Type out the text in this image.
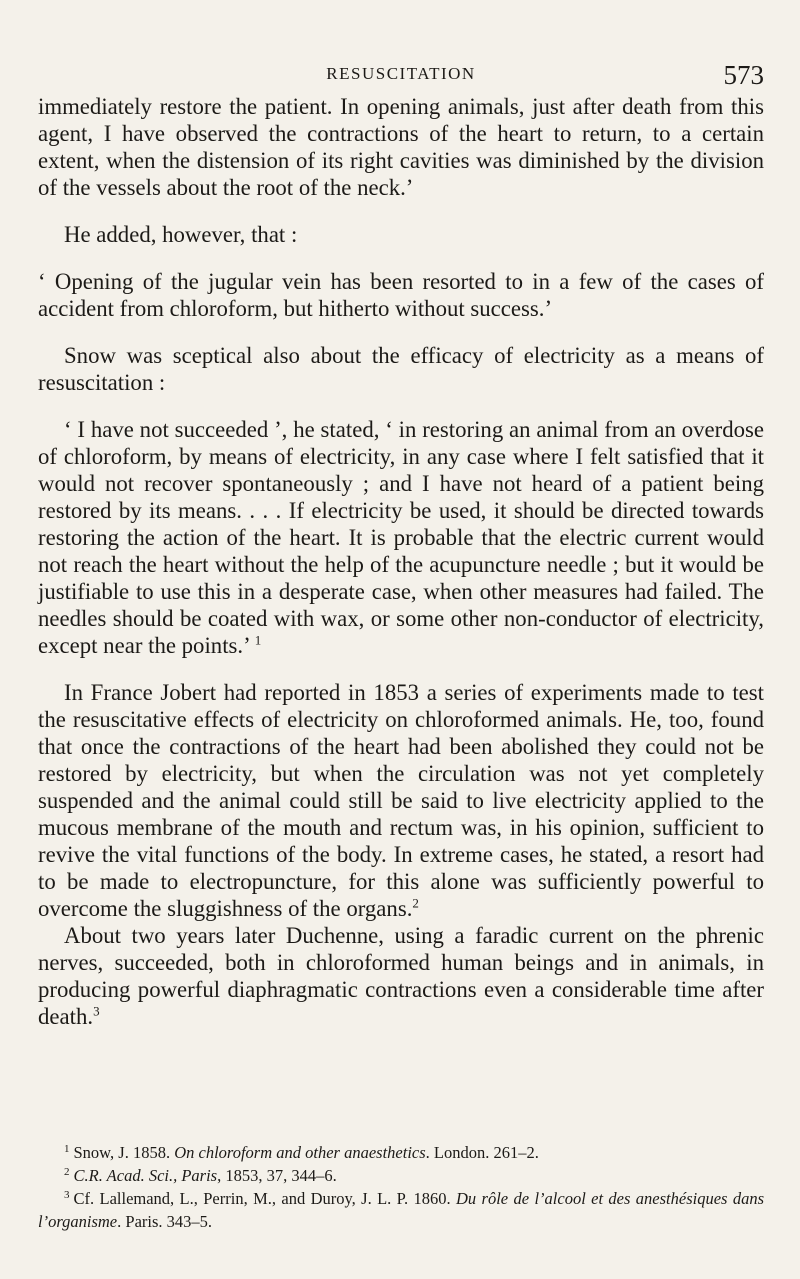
RESUSCITATION	573

immediately restore the patient. In opening animals, just after death from this agent, I have observed the contractions of the heart to return, to a certain extent, when the distension of its right cavities was diminished by the division of the vessels about the root of the neck.’

He added, however, that :

‘ Opening of the jugular vein has been resorted to in a few of the cases of accident from chloroform, but hitherto without success.’

Snow was sceptical also about the efficacy of electricity as a means of resuscitation :

‘ I have not succeeded ’, he stated, ‘ in restoring an animal from an overdose of chloroform, by means of electricity, in any case where I felt satisfied that it would not recover spontaneously ; and I have not heard of a patient being restored by its means. . . . If electricity be used, it should be directed towards restoring the action of the heart. It is probable that the electric current would not reach the heart without the help of the acupuncture needle ; but it would be justifiable to use this in a desperate case, when other measures had failed. The needles should be coated with wax, or some other non-conductor of electricity, except near the points.’ $^1$

In France Jobert had reported in 1853 a series of experiments made to test the resuscitative effects of electricity on chloroformed animals. He, too, found that once the contractions of the heart had been abolished they could not be restored by electricity, but when the circulation was not yet completely suspended and the animal could still be said to live electricity applied to the mucous membrane of the mouth and rectum was, in his opinion, sufficient to revive the vital functions of the body. In extreme cases, he stated, a resort had to be made to electropuncture, for this alone was sufficiently powerful to overcome the sluggishness of the organs.$^2$

About two years later Duchenne, using a faradic current on the phrenic nerves, succeeded, both in chloroformed human beings and in animals, in producing powerful diaphragmatic contractions even a considerable time after death.$^3$

$^1$ Snow, J. 1858. On chloroform and other anaesthetics. London. 261–2.
$^2$ C.R. Acad. Sci., Paris, 1853, 37, 344–6.
$^3$ Cf. Lallemand, L., Perrin, M., and Duroy, J. L. P. 1860. Du rôle de l’alcool et des anesthésiques dans l’organisme. Paris. 343–5.
